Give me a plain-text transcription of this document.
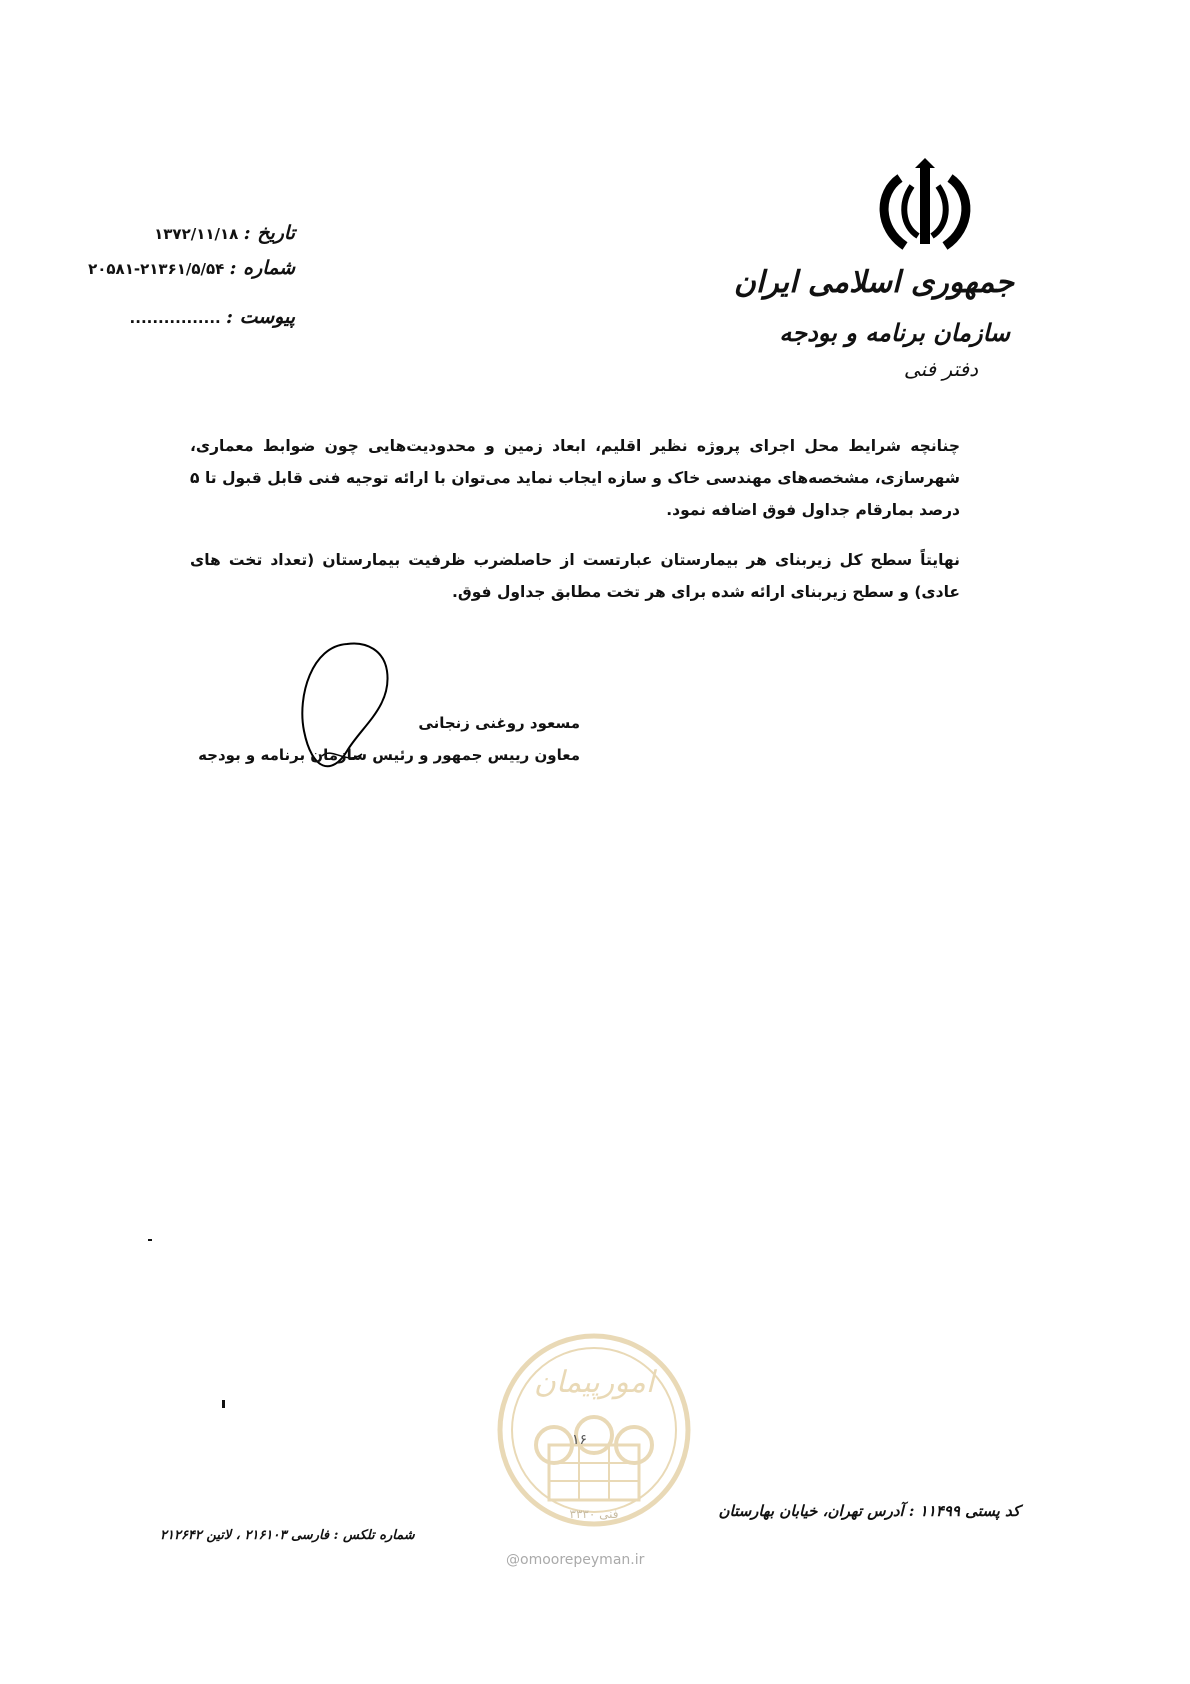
جمهوری اسلامی ایران
سازمان برنامه و بودجه
دفتر فنی
تاریخ : ۱۳۷۲/۱۱/۱۸
شماره : ۲۱۳۶۱/۵/۵۴-۲۰۵۸۱
پیوست : ................
چنانچه شرایط محل اجرای پروژه نظیر اقلیم، ابعاد زمین و محدودیت‌هایی چون ضوابط معماری، شهرسازی، مشخصه‌های مهندسی خاک و سازه ایجاب نماید می‌توان با ارائه توجیه فنی قابل قبول تا ۵ درصد بمارقام جداول فوق اضافه نمود.
نهایتاً سطح کل زیربنای هر بیمارستان عبارتست از حاصلضرب ظرفیت بیمارستان (تعداد تخت های عادی) و سطح زیربنای ارائه شده برای هر تخت مطابق جداول فوق.
مسعود روغنی زنجانی
معاون رییس جمهور و رئیس سازمان برنامه و بودجه
امورپیمان
فنی ۳۳۳۰
۱۶
@omoorepeyman.ir
شماره تلکس : فارسی ۲۱۶۱۰۳ ، لاتین ۲۱۲۶۴۲
کد پستی ۱۱۴۹۹ : آدرس تهران، خیابان بهارستان
